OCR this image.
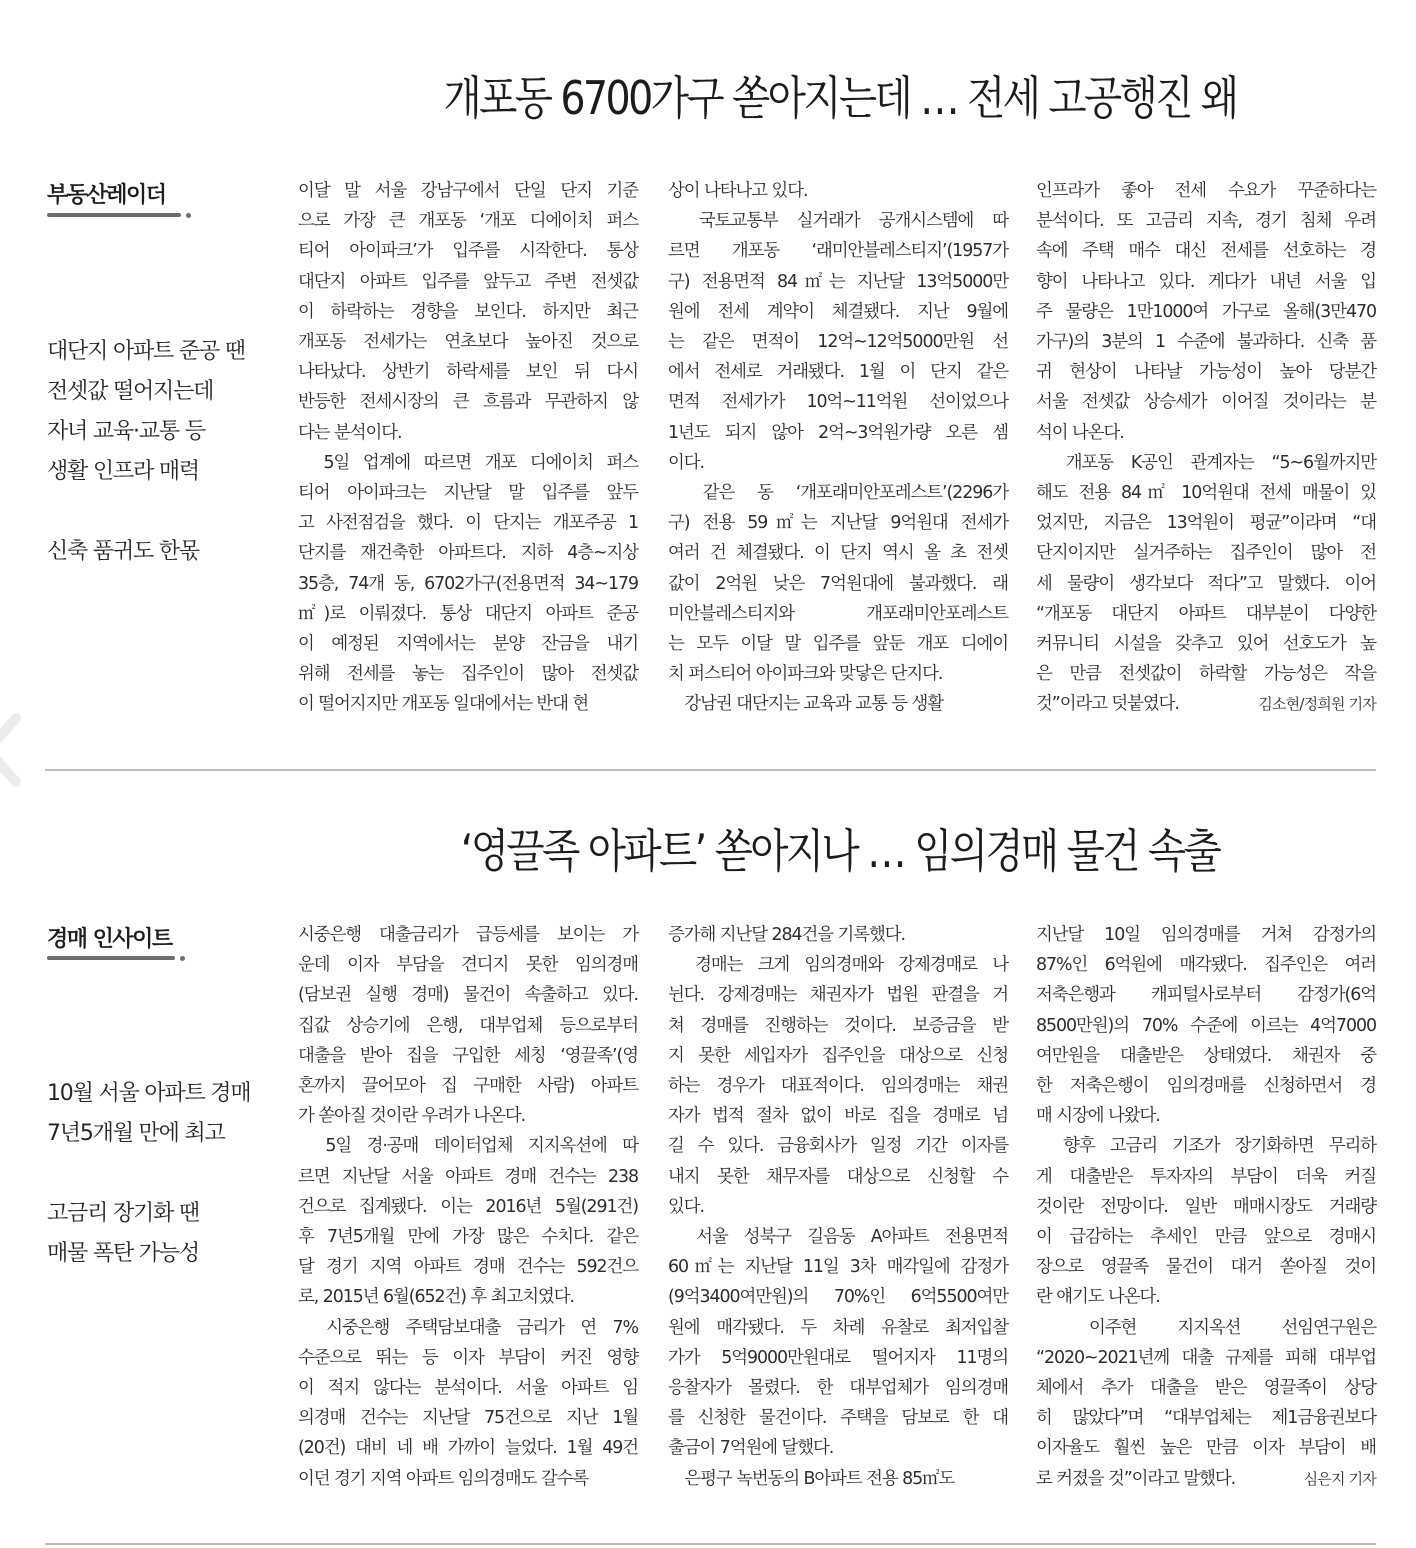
개포동 6700가구 쏟아지는데 … 전세 고공행진 왜
부동산레이더
대단지 아파트 준공 땐
전셋값 떨어지는데
자녀 교육·교통 등
생활 인프라 매력
신축 품귀도 한몫
이달 말 서울 강남구에서 단일 단지 기준
으로 가장 큰 개포동 ‘개포 디에이치 퍼스
티어 아이파크’가 입주를 시작한다. 통상
대단지 아파트 입주를 앞두고 주변 전셋값
이 하락하는 경향을 보인다. 하지만 최근
개포동 전세가는 연초보다 높아진 것으로
나타났다. 상반기 하락세를 보인 뒤 다시
반등한 전세시장의 큰 흐름과 무관하지 않
다는 분석이다.
　5일 업계에 따르면 개포 디에이치 퍼스
티어 아이파크는 지난달 말 입주를 앞두
고 사전점검을 했다. 이 단지는 개포주공 1
단지를 재건축한 아파트다. 지하 4층~지상
35층, 74개 동, 6702가구(전용면적 34~179
㎡)로 이뤄졌다. 통상 대단지 아파트 준공
이 예정된 지역에서는 분양 잔금을 내기
위해 전세를 놓는 집주인이 많아 전셋값
이 떨어지지만 개포동 일대에서는 반대 현
상이 나타나고 있다.
　국토교통부 실거래가 공개시스템에 따
르면 개포동 ‘래미안블레스티지’(1957가
구) 전용면적 84㎡는 지난달 13억5000만
원에 전세 계약이 체결됐다. 지난 9월에
는 같은 면적이 12억~12억5000만원 선
에서 전세로 거래됐다. 1월 이 단지 같은
면적 전세가가 10억~11억원 선이었으나
1년도 되지 않아 2억~3억원가량 오른 셈
이다.
　같은 동 ‘개포래미안포레스트’(2296가
구) 전용 59㎡는 지난달 9억원대 전세가
여러 건 체결됐다. 이 단지 역시 올 초 전셋
값이 2억원 낮은 7억원대에 불과했다. 래
미안블레스티지와 개포래미안포레스트
는 모두 이달 말 입주를 앞둔 개포 디에이
치 퍼스티어 아이파크와 맞닿은 단지다.
　강남권 대단지는 교육과 교통 등 생활
인프라가 좋아 전세 수요가 꾸준하다는
분석이다. 또 고금리 지속, 경기 침체 우려
속에 주택 매수 대신 전세를 선호하는 경
향이 나타나고 있다. 게다가 내년 서울 입
주 물량은 1만1000여 가구로 올해(3만470
가구)의 3분의 1 수준에 불과하다. 신축 품
귀 현상이 나타날 가능성이 높아 당분간
서울 전셋값 상승세가 이어질 것이라는 분
석이 나온다.
　개포동 K공인 관계자는 “5~6월까지만
해도 전용 84㎡ 10억원대 전세 매물이 있
었지만, 지금은 13억원이 평균”이라며 “대
단지이지만 실거주하는 집주인이 많아 전
세 물량이 생각보다 적다”고 말했다. 이어
“개포동 대단지 아파트 대부분이 다양한
커뮤니티 시설을 갖추고 있어 선호도가 높
은 만큼 전셋값이 하락할 가능성은 작을
것”이라고 덧붙였다.	김소현/정희원 기자
‘영끌족 아파트’ 쏟아지나 … 임의경매 물건 속출
경매 인사이트
10월 서울 아파트 경매
7년5개월 만에 최고
고금리 장기화 땐
매물 폭탄 가능성
시중은행 대출금리가 급등세를 보이는 가
운데 이자 부담을 견디지 못한 임의경매
(담보권 실행 경매) 물건이 속출하고 있다.
집값 상승기에 은행, 대부업체 등으로부터
대출을 받아 집을 구입한 세칭 ‘영끌족’(영
혼까지 끌어모아 집 구매한 사람) 아파트
가 쏟아질 것이란 우려가 나온다.
　5일 경·공매 데이터업체 지지옥션에 따
르면 지난달 서울 아파트 경매 건수는 238
건으로 집계됐다. 이는 2016년 5월(291건)
후 7년5개월 만에 가장 많은 수치다. 같은
달 경기 지역 아파트 경매 건수는 592건으
로, 2015년 6월(652건) 후 최고치였다.
　시중은행 주택담보대출 금리가 연 7%
수준으로 뛰는 등 이자 부담이 커진 영향
이 적지 않다는 분석이다. 서울 아파트 임
의경매 건수는 지난달 75건으로 지난 1월
(20건) 대비 네 배 가까이 늘었다. 1월 49건
이던 경기 지역 아파트 임의경매도 갈수록
증가해 지난달 284건을 기록했다.
　경매는 크게 임의경매와 강제경매로 나
뉜다. 강제경매는 채권자가 법원 판결을 거
쳐 경매를 진행하는 것이다. 보증금을 받
지 못한 세입자가 집주인을 대상으로 신청
하는 경우가 대표적이다. 임의경매는 채권
자가 법적 절차 없이 바로 집을 경매로 넘
길 수 있다. 금융회사가 일정 기간 이자를
내지 못한 채무자를 대상으로 신청할 수
있다.
　서울 성북구 길음동 A아파트 전용면적
60㎡는 지난달 11일 3차 매각일에 감정가
(9억3400여만원)의 70%인 6억5500여만
원에 매각됐다. 두 차례 유찰로 최저입찰
가가 5억9000만원대로 떨어지자 11명의
응찰자가 몰렸다. 한 대부업체가 임의경매
를 신청한 물건이다. 주택을 담보로 한 대
출금이 7억원에 달했다.
　은평구 녹번동의 B아파트 전용 85㎡도
지난달 10일 임의경매를 거쳐 감정가의
87%인 6억원에 매각됐다. 집주인은 여러
저축은행과 캐피털사로부터 감정가(6억
8500만원)의 70% 수준에 이르는 4억7000
여만원을 대출받은 상태였다. 채권자 중
한 저축은행이 임의경매를 신청하면서 경
매 시장에 나왔다.
　향후 고금리 기조가 장기화하면 무리하
게 대출받은 투자자의 부담이 더욱 커질
것이란 전망이다. 일반 매매시장도 거래량
이 급감하는 추세인 만큼 앞으로 경매시
장으로 영끌족 물건이 대거 쏟아질 것이
란 얘기도 나온다.
　이주현 지지옥션 선임연구원은
“2020~2021년께 대출 규제를 피해 대부업
체에서 추가 대출을 받은 영끌족이 상당
히 많았다”며 “대부업체는 제1금융권보다
이자율도 훨씬 높은 만큼 이자 부담이 배
로 커졌을 것”이라고 말했다.	심은지 기자
